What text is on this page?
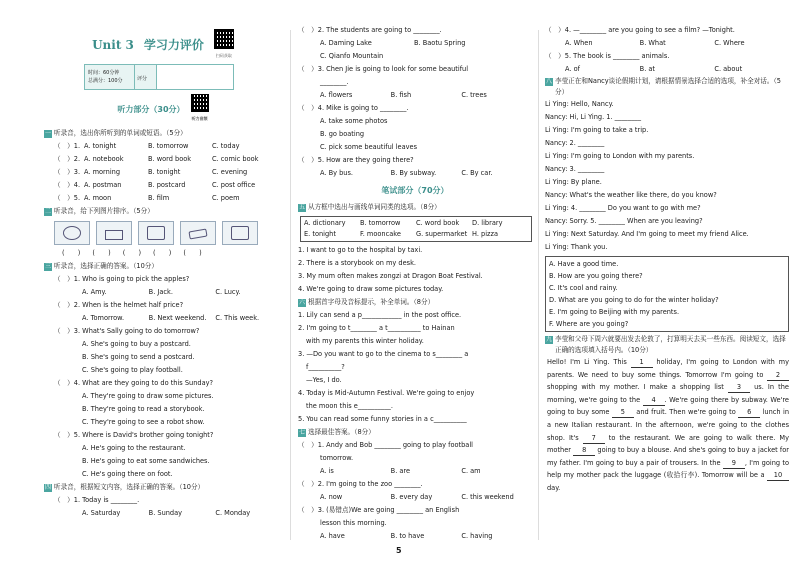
Unit 3 学习力评价
扫码获取
时间：60分钟
总满分：100分	评分
听力部分（30分）
听力音频
一 听录音，选出你所听到的单词或短语。（5分）
（　）1. A. tonight	B. tomorrow	C. today
（　）2. A. notebook	B. word book	C. comic book
（　）3. A. morning	B. tonight	C. evening
（　）4. A. postman	B. postcard	C. post office
（　）5. A. moon	B. film	C. poem
二 听录音，给下列图片排序。（5分）
(　　) (　　) (　　) (　　) (　　)
三 听录音，选择正确的答案。（10分）
（　）1. Who is going to pick the apples?
A. Amy.	B. Jack.	C. Lucy.
（　）2. When is the helmet half price?
A. Tomorrow.	B. Next weekend.	C. This week.
（　）3. What's Sally going to do tomorrow?
A. She's going to buy a postcard.
B. She's going to send a postcard.
C. She's going to play football.
（　）4. What are they going to do this Sunday?
A. They're going to draw some pictures.
B. They're going to read a storybook.
C. They're going to see a robot show.
（　）5. Where is David's brother going tonight?
A. He's going to the restaurant.
B. He's going to eat some sandwiches.
C. He's going there on foot.
四 听录音，根据短文内容，选择正确的答案。（10分）
（　）1. Today is ________.
A. Saturday	B. Sunday	C. Monday
（　）2. The students are going to ________.
A. Daming Lake	B. Baotu Spring
C. Qianfo Mountain
（　）3. Chen Jie is going to look for some beautiful
________.
A. flowers	B. fish	C. trees
（　）4. Mike is going to ________.
A. take some photos
B. go boating
C. pick some beautiful leaves
（　）5. How are they going there?
A. By bus.	B. By subway.	C. By car.
笔试部分（70分）
五 从方框中选出与画线单词同类的选项。（8分）
A. dictionary	B. tomorrow	C. word book	D. library
E. tonight	F. mooncake	G. supermarket H. pizza
1. I want to go to the hospital by taxi.
2. There is a storybook on my desk.
3. My mum often makes zongzi at Dragon Boat Festival.
4. We're going to draw some pictures today.
六 根据首字母及音标提示，补全单词。（8分）
1. Lily can send a p____________ in the post office.
2. I'm going to t________ a t__________ to Hainan
with my parents this winter holiday.
3. —Do you want to go to the cinema to s________ a
f__________?
—Yes, I do.
4. Today is Mid-Autumn Festival. We're going to enjoy
the moon this e__________.
5. You can read some funny stories in a c__________
七 选择最佳答案。（8分）
（　）1. Andy and Bob ________ going to play football
tomorrow.
A. is	B. are	C. am
（　）2. I'm going to the zoo ________.
A. now	B. every day	C. this weekend
（　）3. (易错点)We are going ________ an English
lesson this morning.
A. have	B. to have	C. having
（　）4. —________ are you going to see a film? —Tonight.
A. When	B. What	C. Where
（　）5. The book is ________ animals.
A. of	B. at	C. about
八 李莹正在和Nancy谈论假期计划，请根据情景选择合适的选项，补全对话。（5分）
Li Ying: Hello, Nancy.
Nancy: Hi, Li Ying. 1. ________
Li Ying: I'm going to take a trip.
Nancy: 2. ________
Li Ying: I'm going to London with my parents.
Nancy: 3. ________
Li Ying: By plane.
Nancy: What's the weather like there, do you know?
Li Ying: 4. ________ Do you want to go with me?
Nancy: Sorry. 5. ________ When are you leaving?
Li Ying: Next Saturday. And I'm going to meet my friend Alice.
Li Ying: Thank you.
A. Have a good time.
B. How are you going there?
C. It's cool and rainy.
D. What are you going to do for the winter holiday?
E. I'm going to Beijing with my parents.
F. Where are you going?
九 李莹和父母下周六就要出发去伦敦了，打算明天去买一些东西。阅读短文，选择正确的选项填入括号内。（10分）
Hello! I'm Li Ying. This 1 holiday, I'm going to London with my parents. We need to buy some things. Tomorrow I'm going to 2 shopping with my mother. I make a shopping list 3 us. In the morning, we're going to the 4 . We're going there by subway. We're going to buy some 5 and fruit. Then we're going to 6 lunch in a new Italian restaurant. In the afternoon, we're going to the clothes shop. It's 7 to the restaurant. We are going to walk there. My mother 8 going to buy a blouse. And she's going to buy a jacket for my father. I'm going to buy a pair of trousers. In the 9 , I'm going to help my mother pack the luggage (收拾行李). Tomorrow will be a 10 day.
5
